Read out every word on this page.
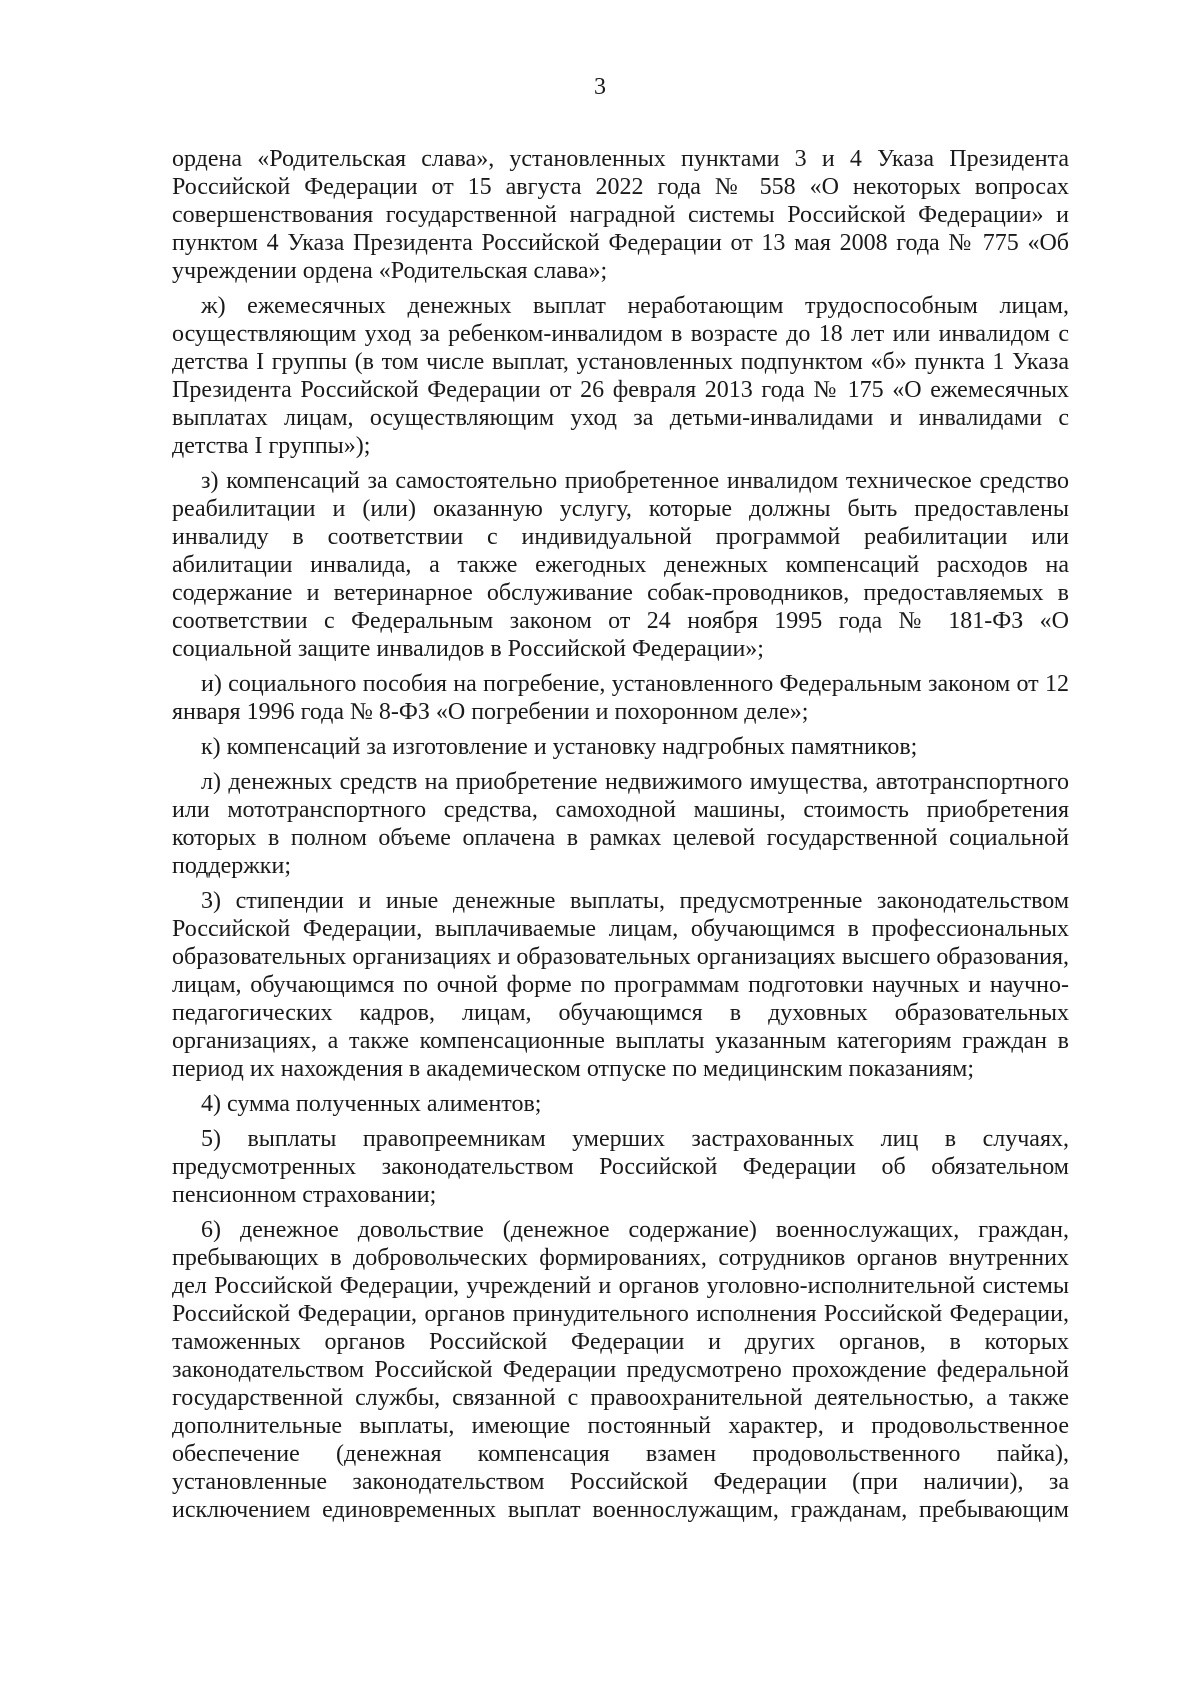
3

ордена «Родительская слава», установленных пунктами 3 и 4 Указа Президента Российской Федерации от 15 августа 2022 года № 558 «О некоторых вопросах совершенствования государственной наградной системы Российской Федерации» и пунктом 4 Указа Президента Российской Федерации от 13 мая 2008 года № 775 «Об учреждении ордена «Родительская слава»;

ж) ежемесячных денежных выплат неработающим трудоспособным лицам, осуществляющим уход за ребенком-инвалидом в возрасте до 18 лет или инвалидом с детства I группы (в том числе выплат, установленных подпунктом «б» пункта 1 Указа Президента Российской Федерации от 26 февраля 2013 года № 175 «О ежемесячных выплатах лицам, осуществляющим уход за детьми-инвалидами и инвалидами с детства I группы»);

з) компенсаций за самостоятельно приобретенное инвалидом техническое средство реабилитации и (или) оказанную услугу, которые должны быть предоставлены инвалиду в соответствии с индивидуальной программой реабилитации или абилитации инвалида, а также ежегодных денежных компенсаций расходов на содержание и ветеринарное обслуживание собак-проводников, предоставляемых в соответствии с Федеральным законом от 24 ноября 1995 года № 181-ФЗ «О социальной защите инвалидов в Российской Федерации»;

и) социального пособия на погребение, установленного Федеральным законом от 12 января 1996 года № 8-ФЗ «О погребении и похоронном деле»;

к) компенсаций за изготовление и установку надгробных памятников;

л) денежных средств на приобретение недвижимого имущества, автотранспортного или мототранспортного средства, самоходной машины, стоимость приобретения которых в полном объеме оплачена в рамках целевой государственной социальной поддержки;

3) стипендии и иные денежные выплаты, предусмотренные законодательством Российской Федерации, выплачиваемые лицам, обучающимся в профессиональных образовательных организациях и образовательных организациях высшего образования, лицам, обучающимся по очной форме по программам подготовки научных и научно-педагогических кадров, лицам, обучающимся в духовных образовательных организациях, а также компенсационные выплаты указанным категориям граждан в период их нахождения в академическом отпуске по медицинским показаниям;

4) сумма полученных алиментов;

5) выплаты правопреемникам умерших застрахованных лиц в случаях, предусмотренных законодательством Российской Федерации об обязательном пенсионном страховании;

6) денежное довольствие (денежное содержание) военнослужащих, граждан, пребывающих в добровольческих формированиях, сотрудников органов внутренних дел Российской Федерации, учреждений и органов уголовно-исполнительной системы Российской Федерации, органов принудительного исполнения Российской Федерации, таможенных органов Российской Федерации и других органов, в которых законодательством Российской Федерации предусмотрено прохождение федеральной государственной службы, связанной с правоохранительной деятельностью, а также дополнительные выплаты, имеющие постоянный характер, и продовольственное обеспечение (денежная компенсация взамен продовольственного пайка), установленные законодательством Российской Федерации (при наличии), за исключением единовременных выплат военнослужащим, гражданам, пребывающим
